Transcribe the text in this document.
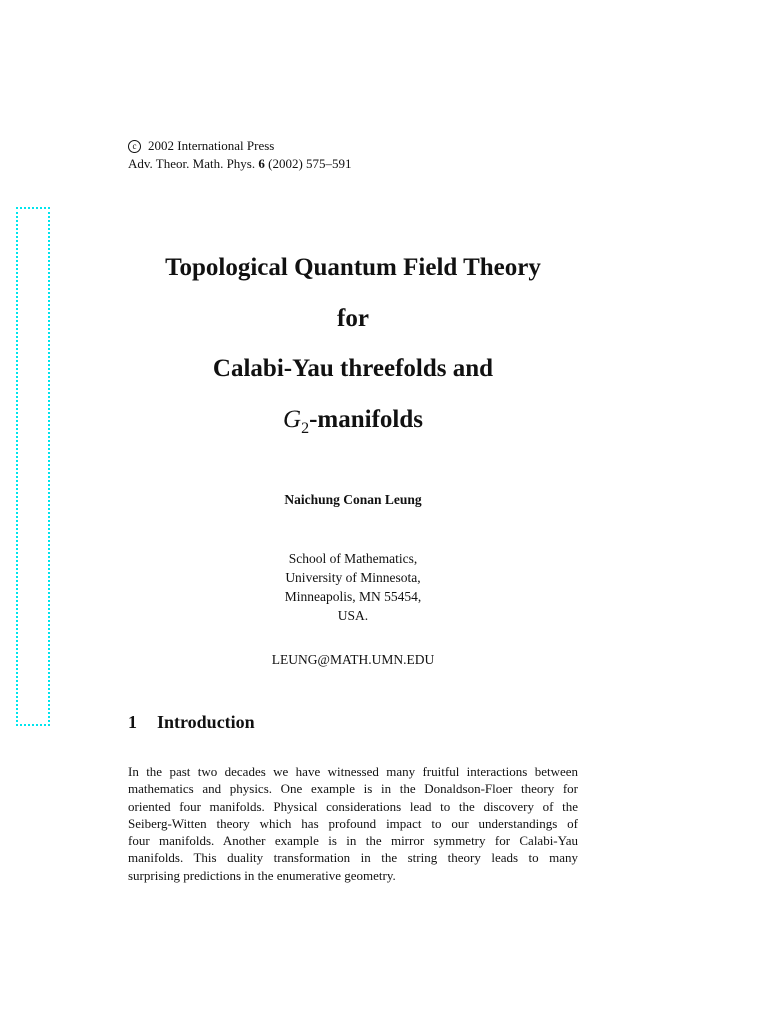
c 2002 International Press
Adv. Theor. Math. Phys. 6 (2002) 575–591
Topological Quantum Field Theory
for
Calabi-Yau threefolds and
$G_2$-manifolds
Naichung Conan Leung
School of Mathematics,
University of Minnesota,
Minneapolis, MN 55454,
USA.
LEUNG@MATH.UMN.EDU
1 Introduction
In the past two decades we have witnessed many fruitful interactions between
mathematics and physics. One example is in the Donaldson-Floer theory for
oriented four manifolds. Physical considerations lead to the discovery of the
Seiberg-Witten theory which has profound impact to our understandings of
four manifolds. Another example is in the mirror symmetry for Calabi-Yau
manifolds. This duality transformation in the string theory leads to many
surprising predictions in the enumerative geometry.
